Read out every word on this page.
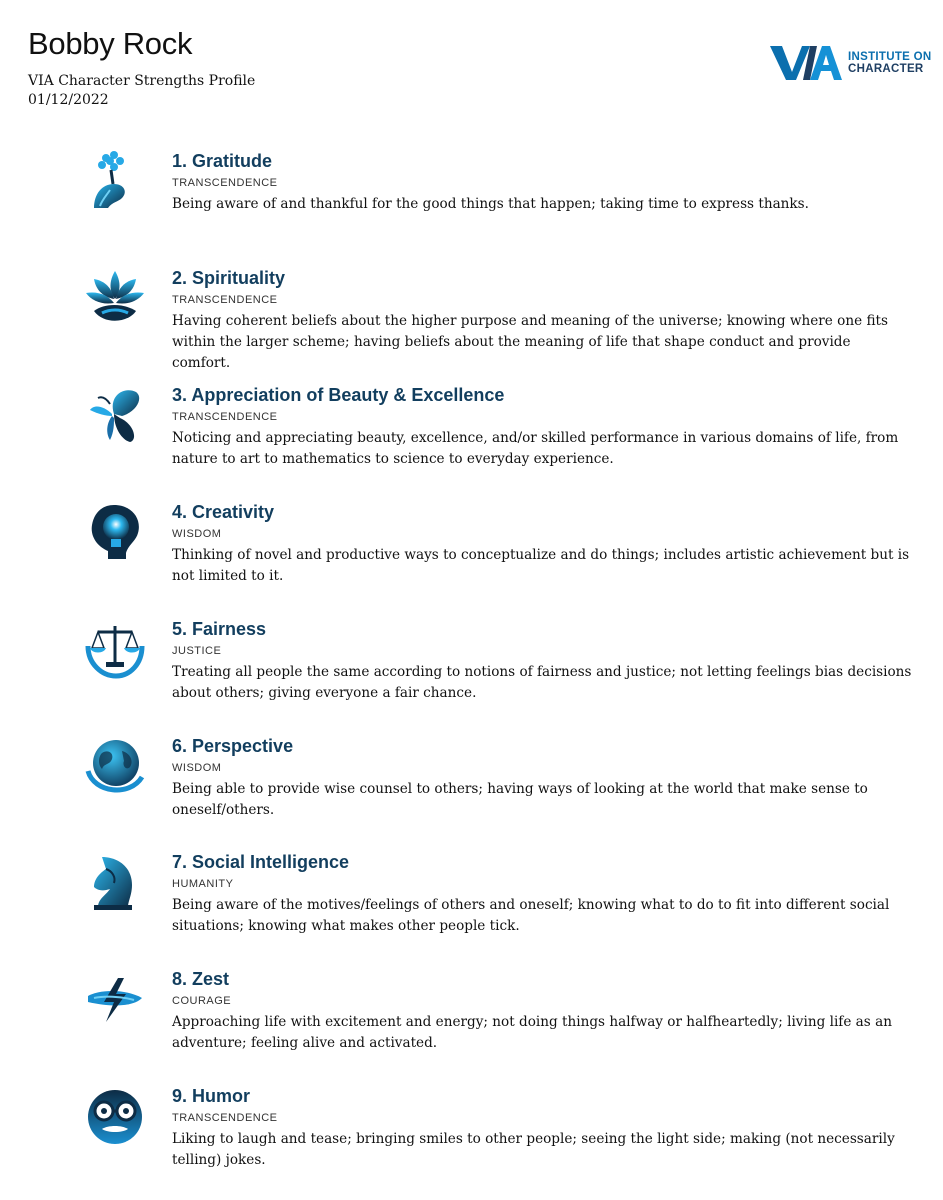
Bobby Rock
VIA Character Strengths Profile
01/12/2022
INSTITUTE ON
CHARACTER
1. Gratitude
TRANSCENDENCE
Being aware of and thankful for the good things that happen; taking time to express thanks.
2. Spirituality
TRANSCENDENCE
Having coherent beliefs about the higher purpose and meaning of the universe; knowing where one fits within the larger scheme; having beliefs about the meaning of life that shape conduct and provide comfort.
3. Appreciation of Beauty & Excellence
TRANSCENDENCE
Noticing and appreciating beauty, excellence, and/or skilled performance in various domains of life, from nature to art to mathematics to science to everyday experience.
4. Creativity
WISDOM
Thinking of novel and productive ways to conceptualize and do things; includes artistic achievement but is not limited to it.
5. Fairness
JUSTICE
Treating all people the same according to notions of fairness and justice; not letting feelings bias decisions about others; giving everyone a fair chance.
6. Perspective
WISDOM
Being able to provide wise counsel to others; having ways of looking at the world that make sense to oneself/others.
7. Social Intelligence
HUMANITY
Being aware of the motives/feelings of others and oneself; knowing what to do to fit into different social situations; knowing what makes other people tick.
8. Zest
COURAGE
Approaching life with excitement and energy; not doing things halfway or halfheartedly; living life as an adventure; feeling alive and activated.
9. Humor
TRANSCENDENCE
Liking to laugh and tease; bringing smiles to other people; seeing the light side; making (not necessarily telling) jokes.
